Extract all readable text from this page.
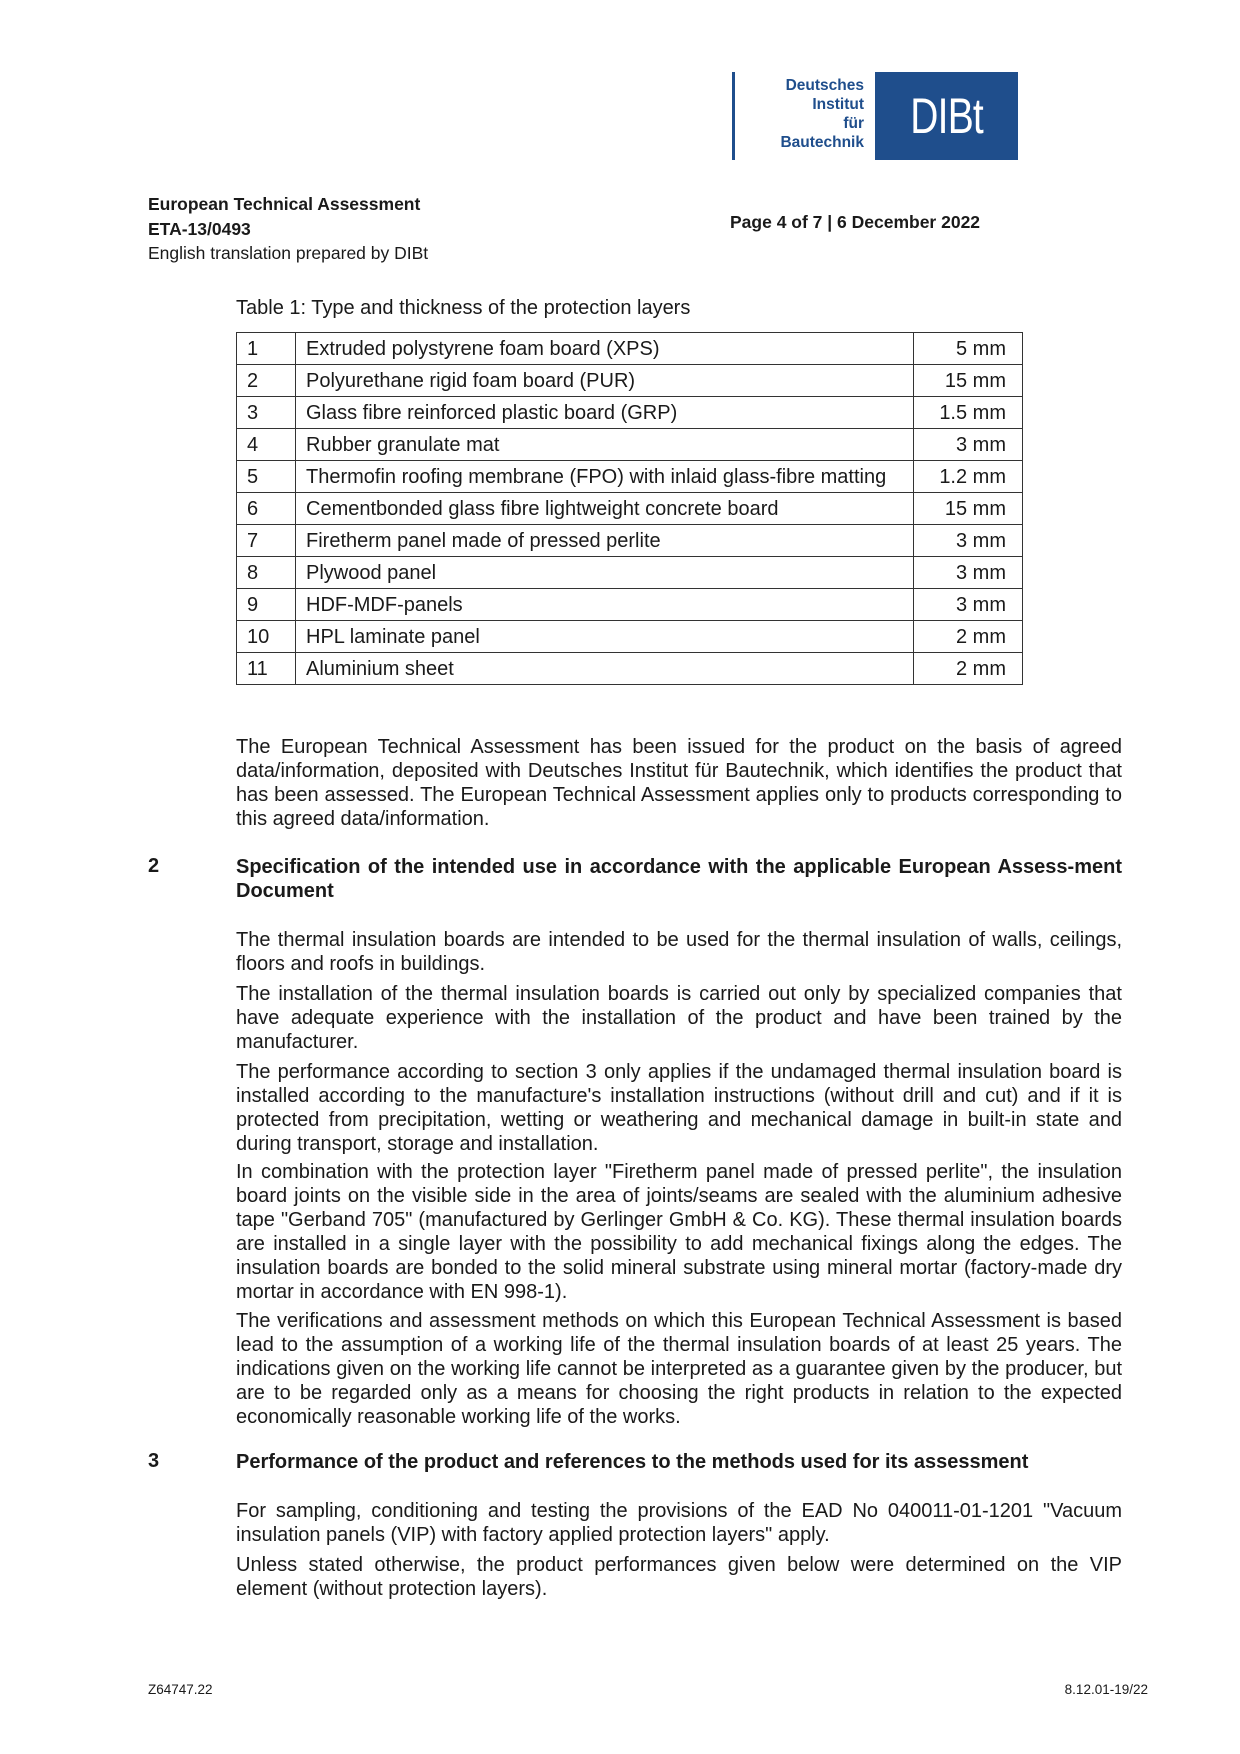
Deutsches
Institut
für
Bautechnik DIBt
European Technical Assessment
ETA-13/0493
English translation prepared by DIBt
Page 4 of 7 | 6 December 2022
Table 1: Type and thickness of the protection layers
1	Extruded polystyrene foam board (XPS)	5 mm
2	Polyurethane rigid foam board (PUR)	15 mm
3	Glass fibre reinforced plastic board (GRP)	1.5 mm
4	Rubber granulate mat	3 mm
5	Thermofin roofing membrane (FPO) with inlaid glass-fibre matting	1.2 mm
6	Cementbonded glass fibre lightweight concrete board	15 mm
7	Firetherm panel made of pressed perlite	3 mm
8	Plywood panel	3 mm
9	HDF-MDF-panels	3 mm
10	HPL laminate panel	2 mm
11	Aluminium sheet	2 mm
The European Technical Assessment has been issued for the product on the basis of agreed data/information, deposited with Deutsches Institut für Bautechnik, which identifies the product that has been assessed. The European Technical Assessment applies only to products corresponding to this agreed data/information.
2	Specification of the intended use in accordance with the applicable European Assess-ment Document
The thermal insulation boards are intended to be used for the thermal insulation of walls, ceilings, floors and roofs in buildings.
The installation of the thermal insulation boards is carried out only by specialized companies that have adequate experience with the installation of the product and have been trained by the manufacturer.
The performance according to section 3 only applies if the undamaged thermal insulation board is installed according to the manufacture's installation instructions (without drill and cut) and if it is protected from precipitation, wetting or weathering and mechanical damage in built-in state and during transport, storage and installation.
In combination with the protection layer "Firetherm panel made of pressed perlite", the insulation board joints on the visible side in the area of joints/seams are sealed with the aluminium adhesive tape "Gerband 705" (manufactured by Gerlinger GmbH & Co. KG). These thermal insulation boards are installed in a single layer with the possibility to add mechanical fixings along the edges. The insulation boards are bonded to the solid mineral substrate using mineral mortar (factory-made dry mortar in accordance with EN 998-1).
The verifications and assessment methods on which this European Technical Assessment is based lead to the assumption of a working life of the thermal insulation boards of at least 25 years. The indications given on the working life cannot be interpreted as a guarantee given by the producer, but are to be regarded only as a means for choosing the right products in relation to the expected economically reasonable working life of the works.
3	Performance of the product and references to the methods used for its assessment
For sampling, conditioning and testing the provisions of the EAD No 040011-01-1201 "Vacuum insulation panels (VIP) with factory applied protection layers" apply.
Unless stated otherwise, the product performances given below were determined on the VIP element (without protection layers).
Z64747.22	8.12.01-19/22
